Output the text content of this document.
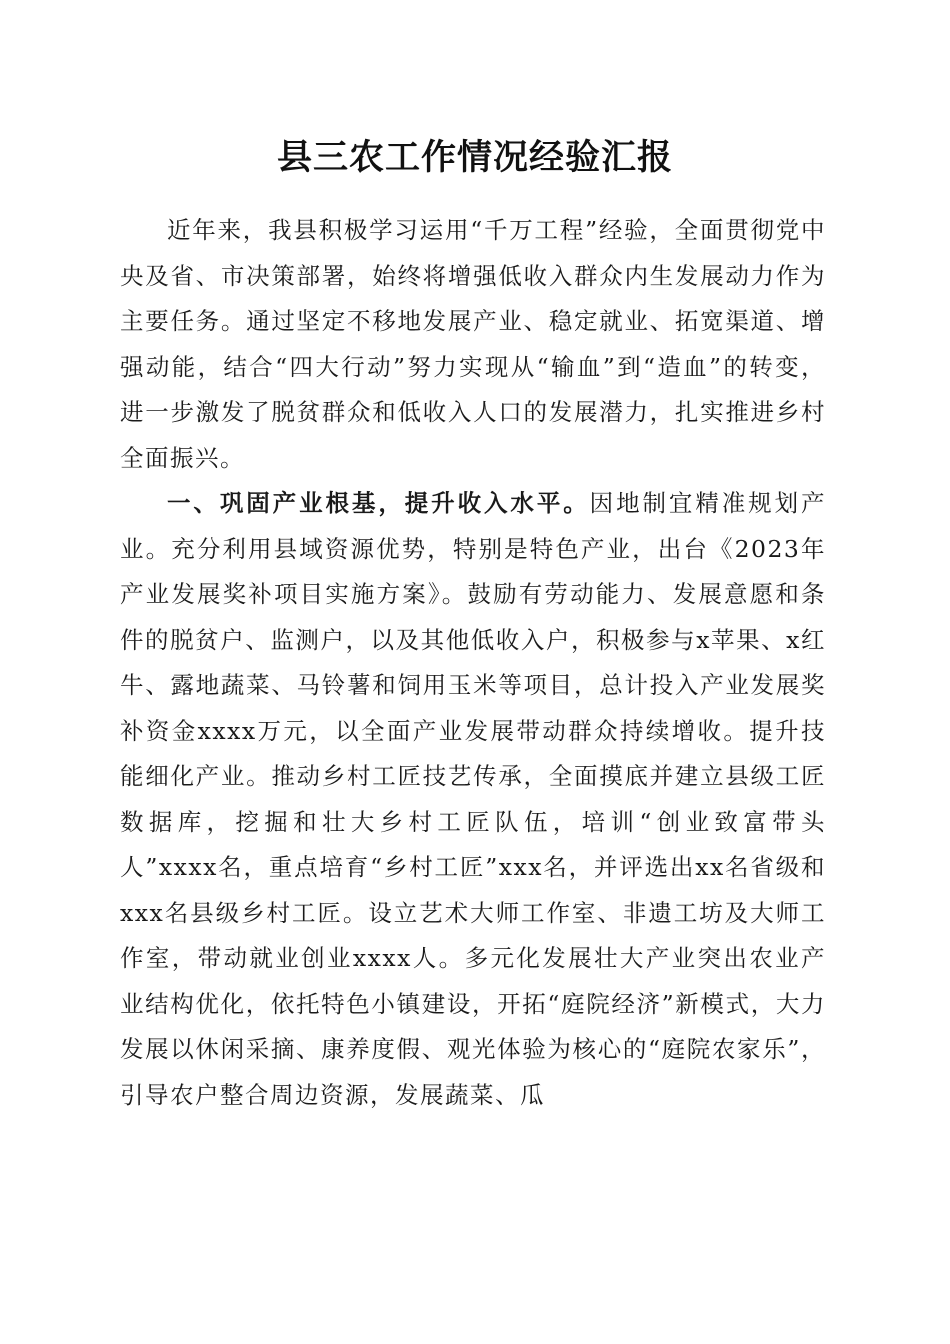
县三农工作情况经验汇报

近年来，我县积极学习运用“千万工程”经验，全面贯彻党中央及省、市决策部署，始终将增强低收入群众内生发展动力作为主要任务。通过坚定不移地发展产业、稳定就业、拓宽渠道、增强动能，结合“四大行动”努力实现从“输血”到“造血”的转变，进一步激发了脱贫群众和低收入人口的发展潜力，扎实推进乡村全面振兴。

一、巩固产业根基，提升收入水平。因地制宜精准规划产业。充分利用县域资源优势，特别是特色产业，出台《2023年产业发展奖补项目实施方案》。鼓励有劳动能力、发展意愿和条件的脱贫户、监测户，以及其他低收入户，积极参与x苹果、x红牛、露地蔬菜、马铃薯和饲用玉米等项目，总计投入产业发展奖补资金xxxx万元，以全面产业发展带动群众持续增收。提升技能细化产业。推动乡村工匠技艺传承，全面摸底并建立县级工匠数据库，挖掘和壮大乡村工匠队伍，培训“创业致富带头人”xxxx名，重点培育“乡村工匠”xxx名，并评选出xx名省级和xxx名县级乡村工匠。设立艺术大师工作室、非遗工坊及大师工作室，带动就业创业xxxx人。多元化发展壮大产业突出农业产业结构优化，依托特色小镇建设，开拓“庭院经济”新模式，大力发展以休闲采摘、康养度假、观光体验为核心的“庭院农家乐”，引导农户整合周边资源，发展蔬菜、瓜
